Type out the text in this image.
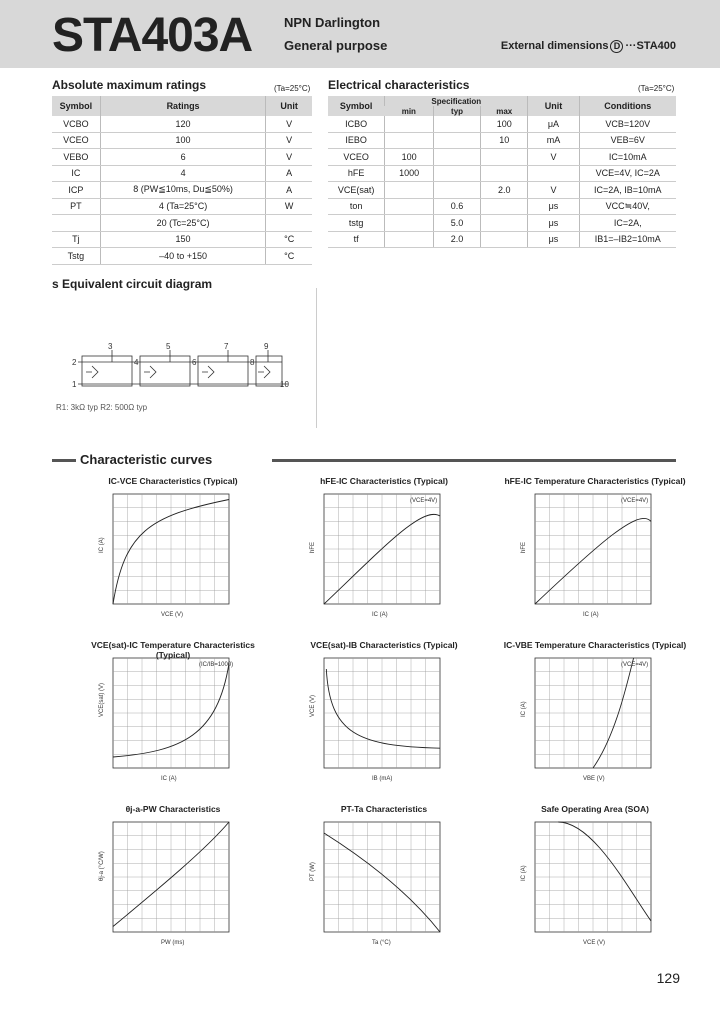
STA403A NPN Darlington
General purpose	External dimensions D ···STA400
Absolute maximum ratings	(Ta=25°C)
Symbol	Ratings	Unit
VCBO	120	V
VCEO	100	V
VEBO	6	V
IC	4	A
ICP	8 (PW≦10ms, Du≦50%)	A
PT	4 (Ta=25°C)	W
	20 (Tc=25°C)	
Tj	150	°C
Tstg	–40 to +150	°C
Electrical characteristics	(Ta=25°C)
Symbol	Specification			Unit	Conditions
	min	typ	max		
ICBO			100	μA	VCB=120V
IEBO			10	mA	VEB=6V
VCEO	100			V	IC=10mA
hFE	1000				VCE=4V, IC=2A
VCE(sat)			2.0	V	IC=2A, IB=10mA
ton		0.6		μs	VCC≒40V,
tstg		5.0		μs	IC=2A,
tf		2.0		μs	IB1=–IB2=10mA
s Equivalent circuit diagram
2
3
1
4
5
6
7
8
9
10
R1: 3kΩ typ R2: 500Ω typ
Characteristic curves
IC-VCE Characteristics (Typical)
VCE (V)
IC (A)
hFE-IC Characteristics (Typical)
IC (A)
hFE
(VCE=4V)
hFE-IC Temperature Characteristics (Typical)
IC (A)
hFE
(VCE=4V)
VCE(sat)-IC Temperature Characteristics (Typical)
IC (A)
VCE(sat) (V)
(IC/IB=1000)
VCE(sat)-IB Characteristics (Typical)
IB (mA)
VCE (V)
IC-VBE Temperature Characteristics (Typical)
VBE (V)
IC (A)
(VCE=4V)
θj-a-PW Characteristics
PW (ms)
θj-a (°C/W)
PT-Ta Characteristics
Ta (°C)
PT (W)
Safe Operating Area (SOA)
VCE (V)
IC (A)
129
